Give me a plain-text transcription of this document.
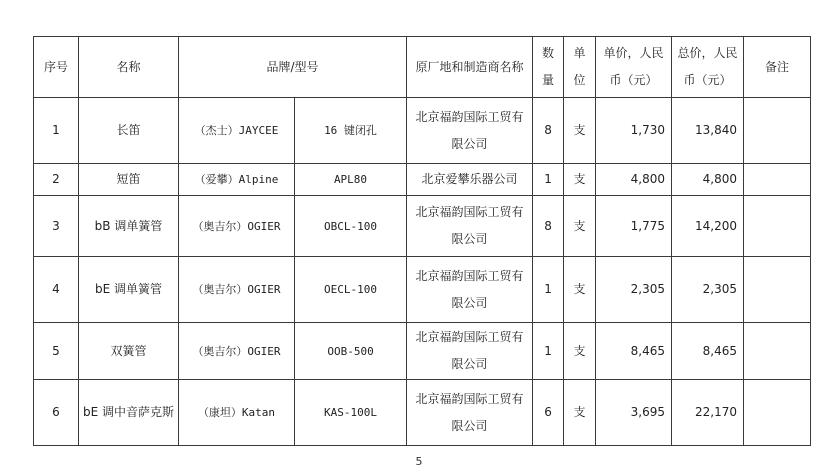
序号	名称	品牌/型号		原厂地和制造商名称	数量	单位	单价，人民币（元）	总价，人民币（元）	备注
1	长笛	（杰士）JAYCEE	16 键闭孔	北京福韵国际工贸有限公司	8	支	1,730	13,840	
2	短笛	（爱攀）Alpine	APL80	北京爱攀乐器公司	1	支	4,800	4,800	
3	bB 调单簧管	（奥吉尔）OGIER	OBCL-100	北京福韵国际工贸有限公司	8	支	1,775	14,200	
4	bE 调单簧管	（奥吉尔）OGIER	OECL-100	北京福韵国际工贸有限公司	1	支	2,305	2,305	
5	双簧管	（奥吉尔）OGIER	OOB-500	北京福韵国际工贸有限公司	1	支	8,465	8,465	
6	bE 调中音萨克斯	（康坦）Katan	KAS-100L	北京福韵国际工贸有限公司	6	支	3,695	22,170	
5
